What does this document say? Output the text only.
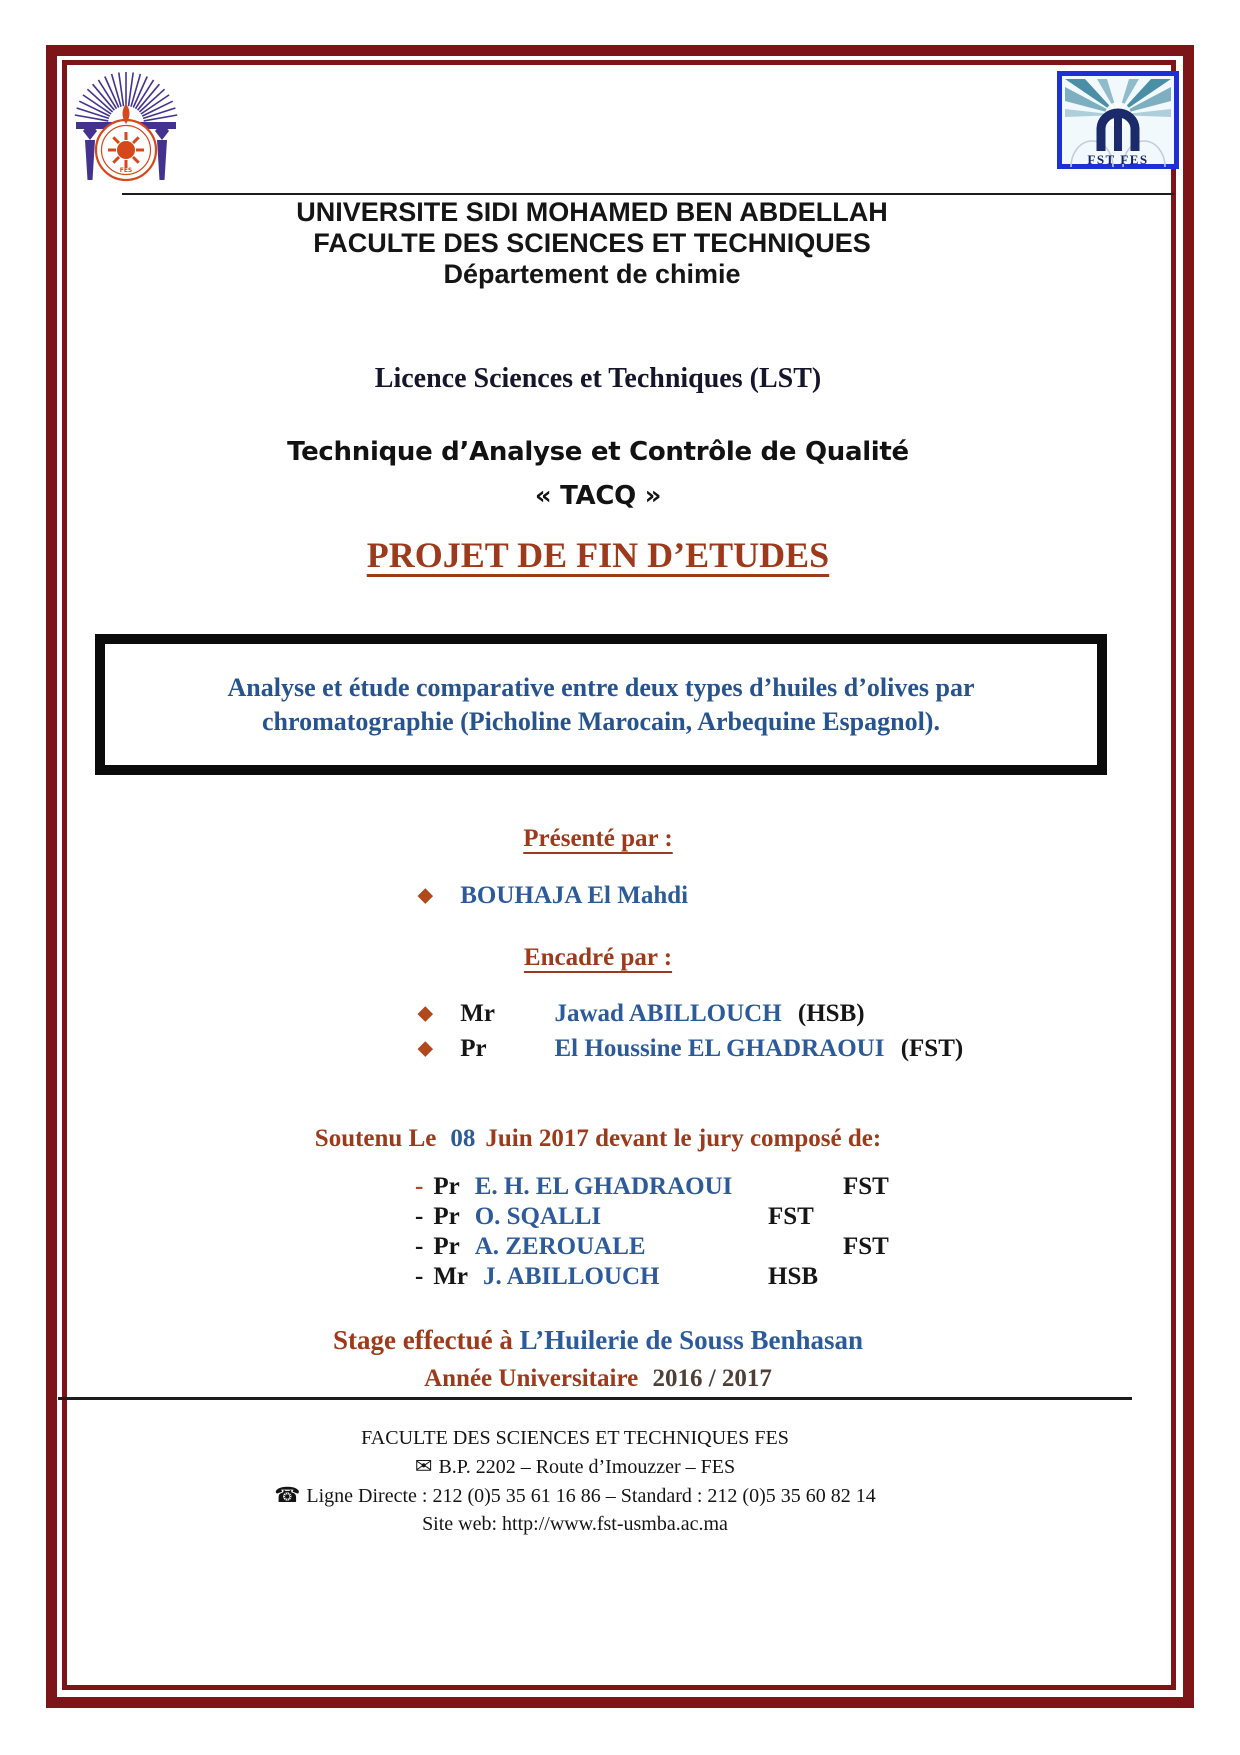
FES
FST FES
UNIVERSITE SIDI MOHAMED BEN ABDELLAH
FACULTE DES SCIENCES ET TECHNIQUES
Département de chimie
Licence Sciences et Techniques (LST)
Technique d’Analyse et Contrôle de Qualité
« TACQ »
PROJET DE FIN D’ETUDES
Analyse et étude comparative entre deux types d’huiles d’olives par
chromatographie (Picholine Marocain, Arbequine Espagnol).
Présenté par :
◆ BOUHAJA El Mahdi
Encadré par :
◆ Mr Jawad ABILLOUCH (HSB)
◆ Pr	El Houssine EL GHADRAOUI (FST)
Soutenu Le 08 Juin 2017 devant le jury composé de:
- Pr E. H. EL GHADRAOUI	FST
- Pr O. SQALLI	FST
- Pr A. ZEROUALE	FST
- Mr J. ABILLOUCH	HSB
Stage effectué à L’Huilerie de Souss Benhasan
Année Universitaire 2016 / 2017
FACULTE DES SCIENCES ET TECHNIQUES FES
✉ B.P. 2202 – Route d’Imouzzer – FES
☎ Ligne Directe : 212 (0)5 35 61 16 86 – Standard : 212 (0)5 35 60 82 14
Site web: http://www.fst-usmba.ac.ma
